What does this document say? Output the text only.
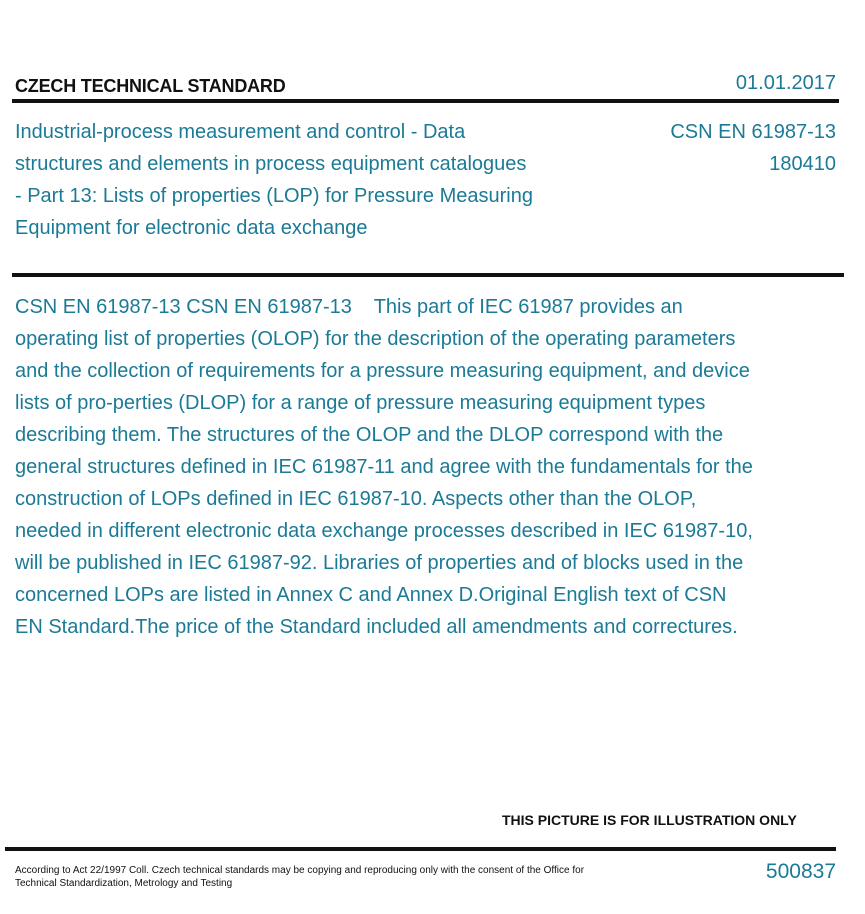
CZECH TECHNICAL STANDARD	01.01.2017
Industrial-process measurement and control - Data structures and elements in process equipment catalogues - Part 13: Lists of properties (LOP) for Pressure Measuring Equipment for electronic data exchange
CSN EN 61987-13
180410
CSN EN 61987-13 CSN EN 61987-13    This part of IEC 61987 provides an operating list of properties (OLOP) for the description of the operating parameters and the collection of requirements for a pressure measuring equipment, and device lists of pro-perties (DLOP) for a range of pressure measuring equipment types describing them. The structures of the OLOP and the DLOP correspond with the general structures defined in IEC 61987-11 and agree with the fundamentals for the construction of LOPs defined in IEC 61987-10. Aspects other than the OLOP, needed in different electronic data exchange processes described in IEC 61987-10, will be published in IEC 61987-92. Libraries of properties and of blocks used in the concerned LOPs are listed in Annex C and Annex D.Original English text of CSN EN Standard.The price of the Standard included all amendments and correctures.
THIS PICTURE IS FOR ILLUSTRATION ONLY
According to Act 22/1997 Coll. Czech technical standards may be copying and reproducing only with the consent of the Office for Technical Standardization, Metrology and Testing
500837
